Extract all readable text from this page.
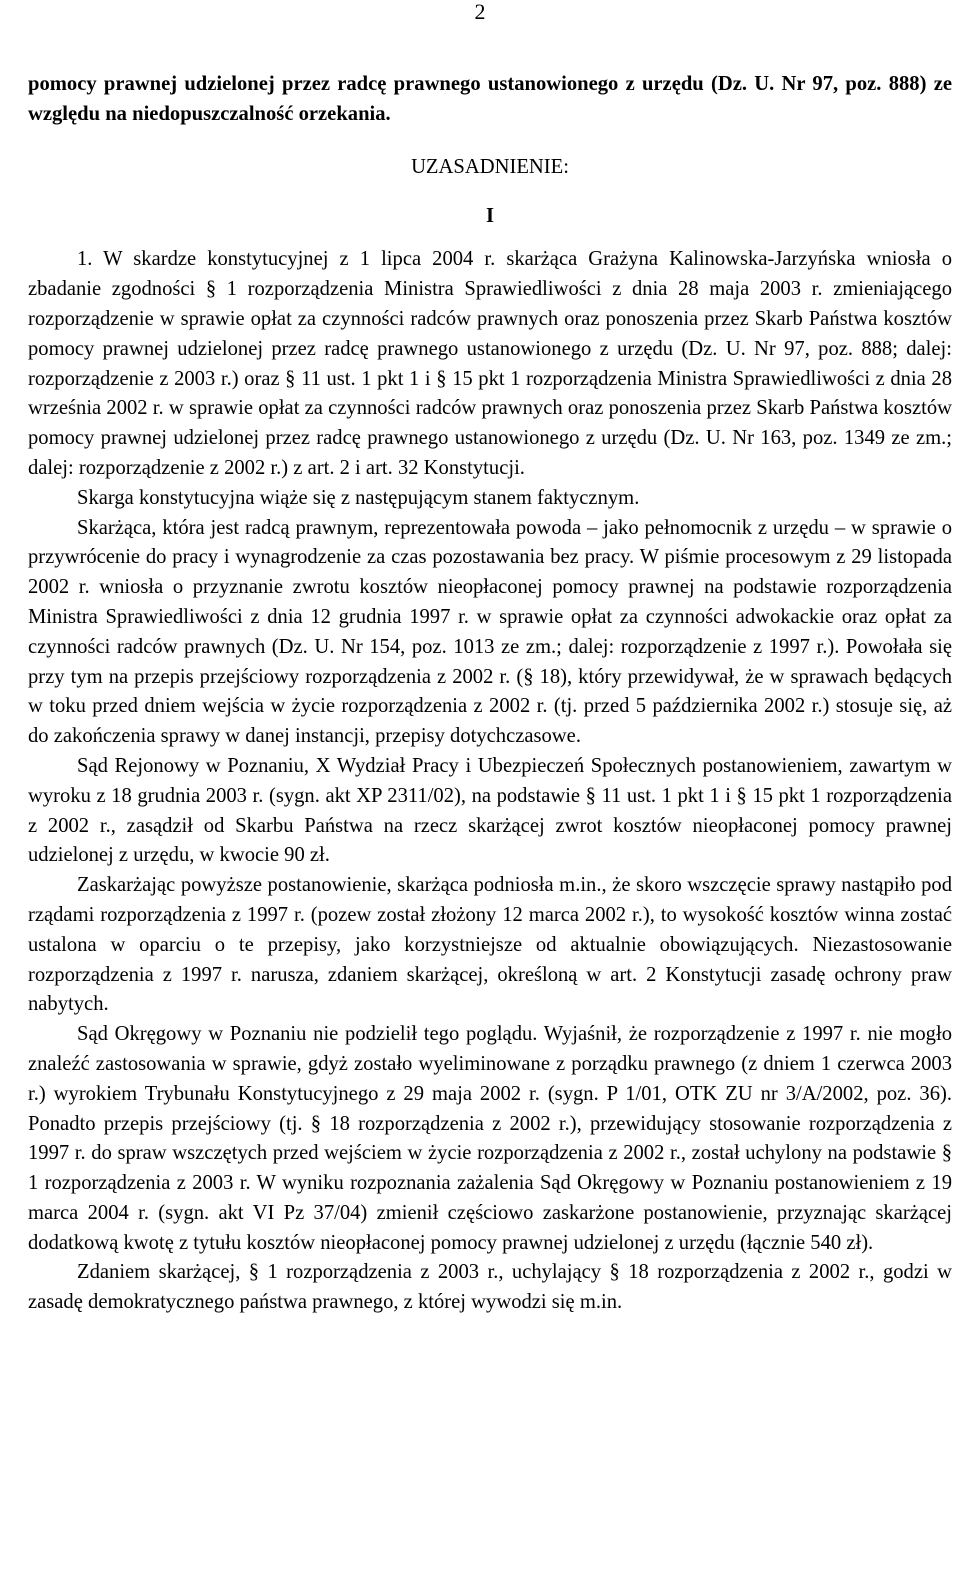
2

pomocy prawnej udzielonej przez radcę prawnego ustanowionego z urzędu (Dz. U. Nr 97, poz. 888) ze względu na niedopuszczalność orzekania.

UZASADNIENIE:
I

1. W skardze konstytucyjnej z 1 lipca 2004 r. skarżąca Grażyna Kalinowska-Jarzyńska wniosła o zbadanie zgodności § 1 rozporządzenia Ministra Sprawiedliwości z dnia 28 maja 2003 r. zmieniającego rozporządzenie w sprawie opłat za czynności radców prawnych oraz ponoszenia przez Skarb Państwa kosztów pomocy prawnej udzielonej przez radcę prawnego ustanowionego z urzędu (Dz. U. Nr 97, poz. 888; dalej: rozporządzenie z 2003 r.) oraz § 11 ust. 1 pkt 1 i § 15 pkt 1 rozporządzenia Ministra Sprawiedliwości z dnia 28 września 2002 r. w sprawie opłat za czynności radców prawnych oraz ponoszenia przez Skarb Państwa kosztów pomocy prawnej udzielonej przez radcę prawnego ustanowionego z urzędu (Dz. U. Nr 163, poz. 1349 ze zm.; dalej: rozporządzenie z 2002 r.) z art. 2 i art. 32 Konstytucji.

Skarga konstytucyjna wiąże się z następującym stanem faktycznym.

Skarżąca, która jest radcą prawnym, reprezentowała powoda – jako pełnomocnik z urzędu – w sprawie o przywrócenie do pracy i wynagrodzenie za czas pozostawania bez pracy. W piśmie procesowym z 29 listopada 2002 r. wniosła o przyznanie zwrotu kosztów nieopłaconej pomocy prawnej na podstawie rozporządzenia Ministra Sprawiedliwości z dnia 12 grudnia 1997 r. w sprawie opłat za czynności adwokackie oraz opłat za czynności radców prawnych (Dz. U. Nr 154, poz. 1013 ze zm.; dalej: rozporządzenie z 1997 r.). Powołała się przy tym na przepis przejściowy rozporządzenia z 2002 r. (§ 18), który przewidywał, że w sprawach będących w toku przed dniem wejścia w życie rozporządzenia z 2002 r. (tj. przed 5 października 2002 r.) stosuje się, aż do zakończenia sprawy w danej instancji, przepisy dotychczasowe.

Sąd Rejonowy w Poznaniu, X Wydział Pracy i Ubezpieczeń Społecznych postanowieniem, zawartym w wyroku z 18 grudnia 2003 r. (sygn. akt XP 2311/02), na podstawie § 11 ust. 1 pkt 1 i § 15 pkt 1 rozporządzenia z 2002 r., zasądził od Skarbu Państwa na rzecz skarżącej zwrot kosztów nieopłaconej pomocy prawnej udzielonej z urzędu, w kwocie 90 zł.

Zaskarżając powyższe postanowienie, skarżąca podniosła m.in., że skoro wszczęcie sprawy nastąpiło pod rządami rozporządzenia z 1997 r. (pozew został złożony 12 marca 2002 r.), to wysokość kosztów winna zostać ustalona w oparciu o te przepisy, jako korzystniejsze od aktualnie obowiązujących. Niezastosowanie rozporządzenia z 1997 r. narusza, zdaniem skarżącej, określoną w art. 2 Konstytucji zasadę ochrony praw nabytych.

Sąd Okręgowy w Poznaniu nie podzielił tego poglądu. Wyjaśnił, że rozporządzenie z 1997 r. nie mogło znaleźć zastosowania w sprawie, gdyż zostało wyeliminowane z porządku prawnego (z dniem 1 czerwca 2003 r.) wyrokiem Trybunału Konstytucyjnego z 29 maja 2002 r. (sygn. P 1/01, OTK ZU nr 3/A/2002, poz. 36). Ponadto przepis przejściowy (tj. § 18 rozporządzenia z 2002 r.), przewidujący stosowanie rozporządzenia z 1997 r. do spraw wszczętych przed wejściem w życie rozporządzenia z 2002 r., został uchylony na podstawie § 1 rozporządzenia z 2003 r. W wyniku rozpoznania zażalenia Sąd Okręgowy w Poznaniu postanowieniem z 19 marca 2004 r. (sygn. akt VI Pz 37/04) zmienił częściowo zaskarżone postanowienie, przyznając skarżącej dodatkową kwotę z tytułu kosztów nieopłaconej pomocy prawnej udzielonej z urzędu (łącznie 540 zł).

Zdaniem skarżącej, § 1 rozporządzenia z 2003 r., uchylający § 18 rozporządzenia z 2002 r., godzi w zasadę demokratycznego państwa prawnego, z której wywodzi się m.in.
